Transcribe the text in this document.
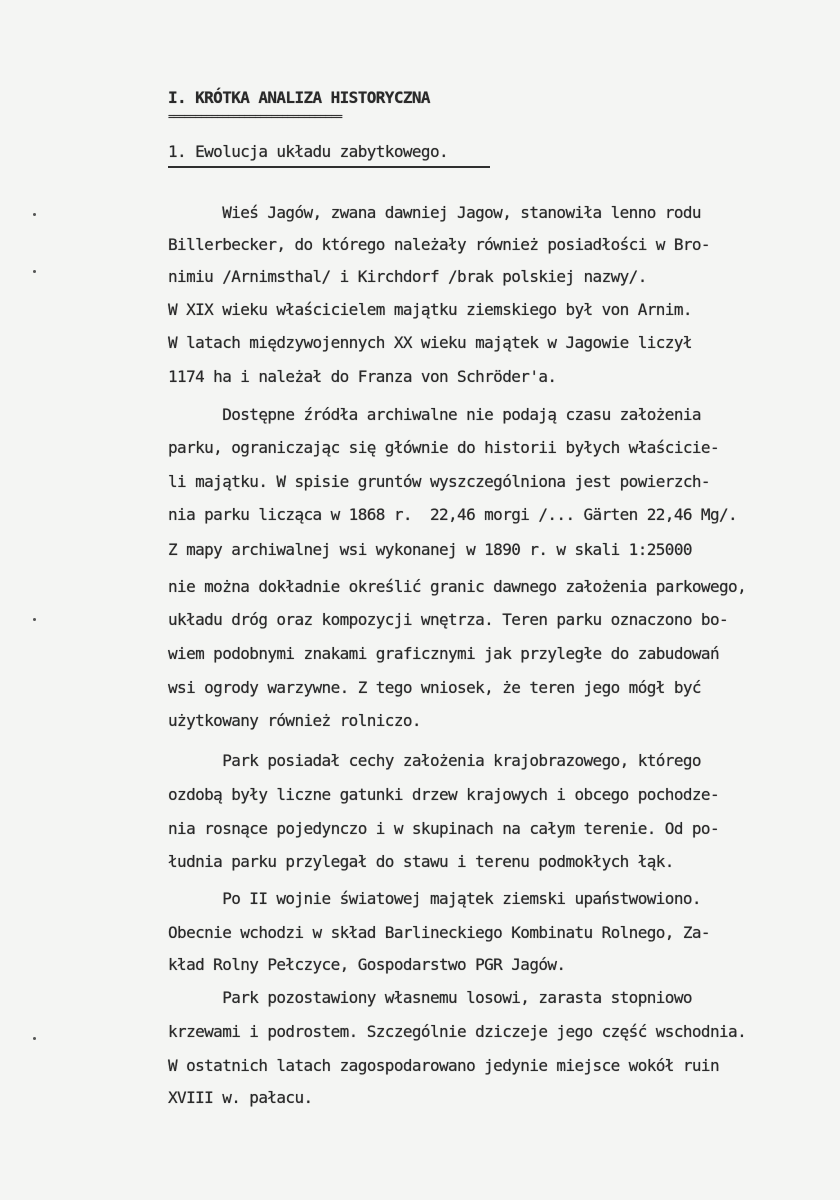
I. KRÓTKA ANALIZA HISTORYCZNA
================================
1. Ewolucja układu zabytkowego.
Wieś Jagów, zwana dawniej Jagow, stanowiła lenno rodu
Billerbecker, do którego należały również posiadłości w Bro-
nimiu /Arnimsthal/ i Kirchdorf /brak polskiej nazwy/.
W XIX wieku właścicielem majątku ziemskiego był von Arnim.
W latach międzywojennych XX wieku majątek w Jagowie liczył
1174 ha i należał do Franza von Schröder'a.
Dostępne źródła archiwalne nie podają czasu założenia
parku, ograniczając się głównie do historii byłych właściciе-
li majątku. W spisie gruntów wyszczególniona jest powierzch-
nia parku licząca w 1868 r.  22,46 morgi /... Gärten 22,46 Mg/.
Z mapy archiwalnej wsi wykonanej w 1890 r. w skali 1:25000
nie można dokładnie określić granic dawnego założenia parkowego,
układu dróg oraz kompozycji wnętrza. Teren parku oznaczono bo-
wiem podobnymi znakami graficznymi jak przyległe do zabudowań
wsi ogrody warzywne. Z tego wniosek, że teren jego mógł być
użytkowany również rolniczo.
Park posiadał cechy założenia krajobrazowego, którego
ozdobą były liczne gatunki drzew krajowych i obcego pochodze-
nia rosnące pojedynczo i w skupinach na całym terenie. Od po-
łudnia parku przylegał do stawu i terenu podmokłych łąk.
Po II wojnie światowej majątek ziemski upaństwowiono.
Obecnie wchodzi w skład Barlineckiego Kombinatu Rolnego, Za-
kład Rolny Pełczyce, Gospodarstwo PGR Jagów.
Park pozostawiony własnemu losowi, zarasta stopniowo
krzewami i podrostem. Szczególnie dziczeje jego część wschodnia.
W ostatnich latach zagospodarowano jedynie miejsce wokół ruin
XVIII w. pałacu.
